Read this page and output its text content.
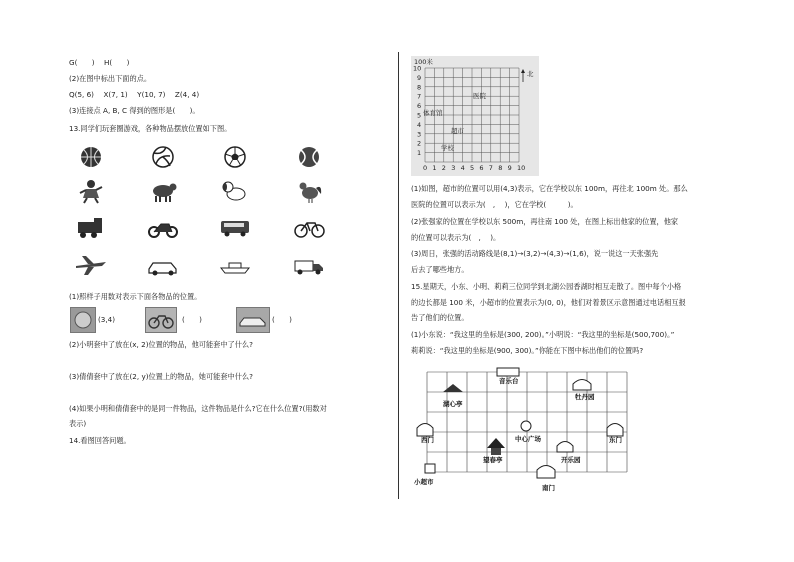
G(　　)　 H(　　)
(2)在图中标出下面的点。
Q(5, 6)　 X(7, 1)　 Y(10, 7)　 Z(4, 4)
(3)连接点 A, B, C 得到的图形是(　　)。
13.同学们玩套圈游戏，各种物品摆放位置如下图。
(1)照样子用数对表示下面各物品的位置。
(3,4)	(　　)	(　　)
(2)小明套中了放在(x, 2)位置的物品，他可能套中了什么?
(3)倩倩套中了放在(2, y)位置上的物品，她可能套中什么?
(4)如果小明和倩倩套中的是同一件物品，这件物品是什么?它在什么位置?(用数对
表示)
14.看图回答问题。
100米
北
医院
体育馆
超市
学校
0 1 2 3 4 5 6 7 8 9 10
1
2
3
4
5
6
7
8
9
10
(1)如图，超市的位置可以用(4,3)表示，它在学校以东 100m，再往北 100m 处。那么
医院的位置可以表示为(　, 　)，它在学校(　　　)。
(2)张强家的位置在学校以东 500m，再往南 100 处，在图上标出他家的位置，他家
的位置可以表示为(　, 　)。
(3)周日，张强的活动路线是(8,1)→(3,2)→(4,3)→(1,6)，说一说这一天张强先
后去了哪些地方。
15.星期天，小东、小明、莉莉三位同学到北湖公园香湖时相互走散了。图中每个小格
的边长都是 100 米，小超市的位置表示为(0, 0)，他们对着景区示意图通过电话相互报
告了他们的位置。
(1)小东说：“我这里的坐标是(300, 200)。”小明说：“我这里的坐标是(500,700)。”
莉莉说：“我这里的坐标是(900, 300)。”你能在下图中标出他们的位置吗?
音乐台
牡丹园
湖心亭
西门	中心广场	东门
望春亭	开乐园
小超市
南门
